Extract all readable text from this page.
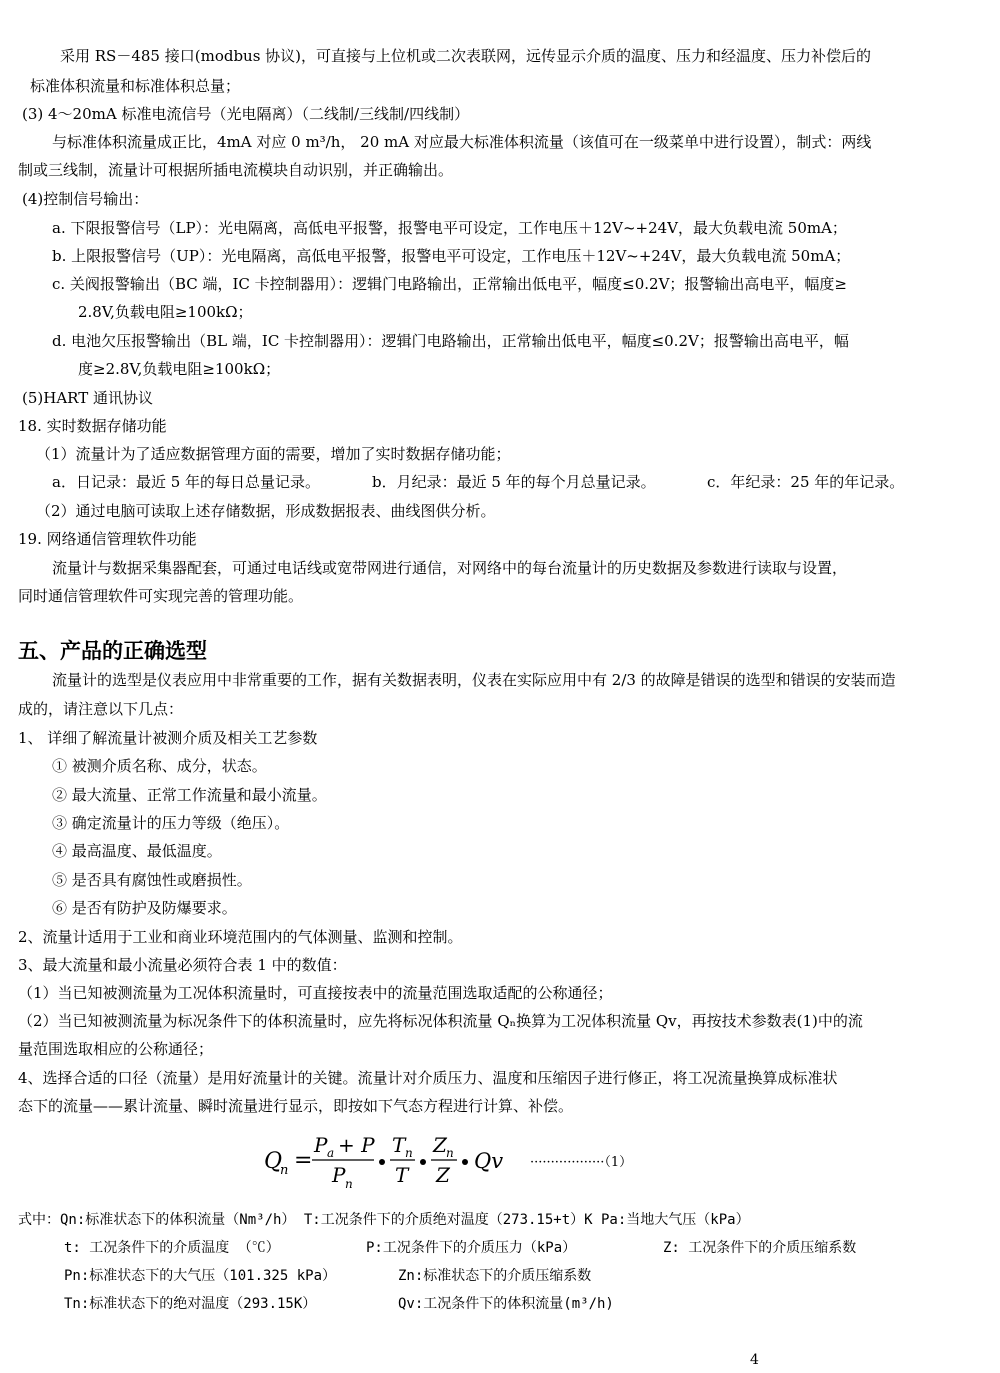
采用 RS－485 接口(modbus 协议)，可直接与上位机或二次表联网，远传显示介质的温度、压力和经温度、压力补偿后的
标准体积流量和标准体积总量；
(3) 4～20mA 标准电流信号（光电隔离）（二线制/三线制/四线制）
与标准体积流量成正比，4mA 对应 0 m³/h， 20 mA 对应最大标准体积流量（该值可在一级菜单中进行设置），制式：两线
制或三线制，流量计可根据所插电流模块自动识别，并正确输出。
(4)控制信号输出：
a. 下限报警信号（LP）：光电隔离，高低电平报警，报警电平可设定，工作电压＋12V~+24V，最大负载电流 50mA；
b. 上限报警信号（UP）：光电隔离，高低电平报警，报警电平可设定，工作电压＋12V~+24V，最大负载电流 50mA；
c. 关阀报警输出（BC 端，IC 卡控制器用）：逻辑门电路输出，正常输出低电平，幅度≤0.2V；报警输出高电平，幅度≥
2.8V,负载电阻≥100kΩ；
d. 电池欠压报警输出（BL 端，IC 卡控制器用）：逻辑门电路输出，正常输出低电平，幅度≤0.2V；报警输出高电平，幅
度≥2.8V,负载电阻≥100kΩ；
(5)HART 通讯协议
18. 实时数据存储功能
（1）流量计为了适应数据管理方面的需要，增加了实时数据存储功能；
a．日记录：最近 5 年的每日总量记录。	b．月纪录：最近 5 年的每个月总量记录。	c．年纪录：25 年的年记录。
（2）通过电脑可读取上述存储数据，形成数据报表、曲线图供分析。
19. 网络通信管理软件功能
流量计与数据采集器配套，可通过电话线或宽带网进行通信，对网络中的每台流量计的历史数据及参数进行读取与设置，
同时通信管理软件可实现完善的管理功能。
五、产品的正确选型
流量计的选型是仪表应用中非常重要的工作，据有关数据表明，仪表在实际应用中有 2/3 的故障是错误的选型和错误的安装而造
成的，请注意以下几点：
1、 详细了解流量计被测介质及相关工艺参数
① 被测介质名称、成分，状态。
② 最大流量、正常工作流量和最小流量。
③ 确定流量计的压力等级（绝压）。
④ 最高温度、最低温度。
⑤ 是否具有腐蚀性或磨损性。
⑥ 是否有防护及防爆要求。
2、流量计适用于工业和商业环境范围内的气体测量、监测和控制。
3、最大流量和最小流量必须符合表 1 中的数值：
（1）当已知被测流量为工况体积流量时，可直接按表中的流量范围选取适配的公称通径；
（2）当已知被测流量为标况条件下的体积流量时，应先将标况体积流量 Qₙ换算为工况体积流量 Qv，再按技术参数表(1)中的流
量范围选取相应的公称通径；
4、选择合适的口径（流量）是用好流量计的关键。流量计对介质压力、温度和压缩因子进行修正，将工况流量换算成标准状
态下的流量——累计流量、瞬时流量进行显示，即按如下气态方程进行计算、补偿。
Q
n =
P a + P
P n
T n
T
Z n
Z
Qv ··················（1）
式中：Qn:标准状态下的体积流量（Nm³/h） T:工况条件下的介质绝对温度（273.15+t）K Pa:当地大气压（kPa）
t: 工况条件下的介质温度 （℃）	P:工况条件下的介质压力（kPa）	Z: 工况条件下的介质压缩系数
Pn:标准状态下的大气压（101.325 kPa）	Zn:标准状态下的介质压缩系数
Tn:标准状态下的绝对温度（293.15K）	Qv:工况条件下的体积流量(m³/h)
4
